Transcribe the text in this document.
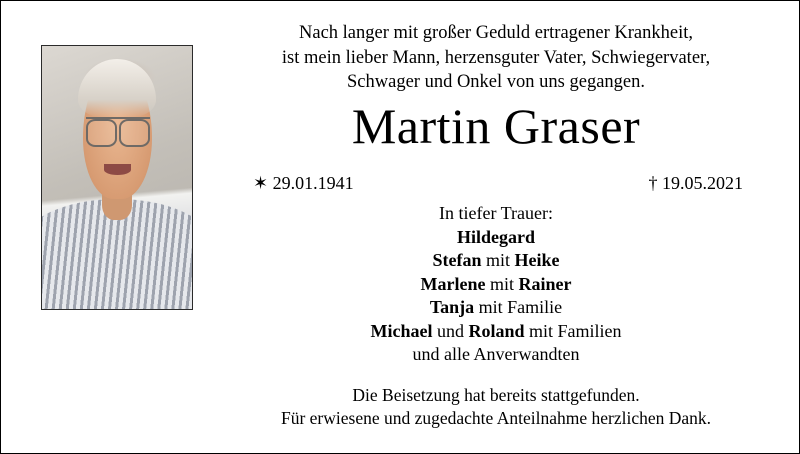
Nach langer mit großer Geduld ertragener Krankheit,
ist mein lieber Mann, herzensguter Vater, Schwiegervater,
Schwager und Onkel von uns gegangen.
Martin Graser
✶ 29.01.1941	† 19.05.2021
In tiefer Trauer:
Hildegard
Stefan mit Heike
Marlene mit Rainer
Tanja mit Familie
Michael und Roland mit Familien
und alle Anverwandten
Die Beisetzung hat bereits stattgefunden.
Für erwiesene und zugedachte Anteilnahme herzlichen Dank.
